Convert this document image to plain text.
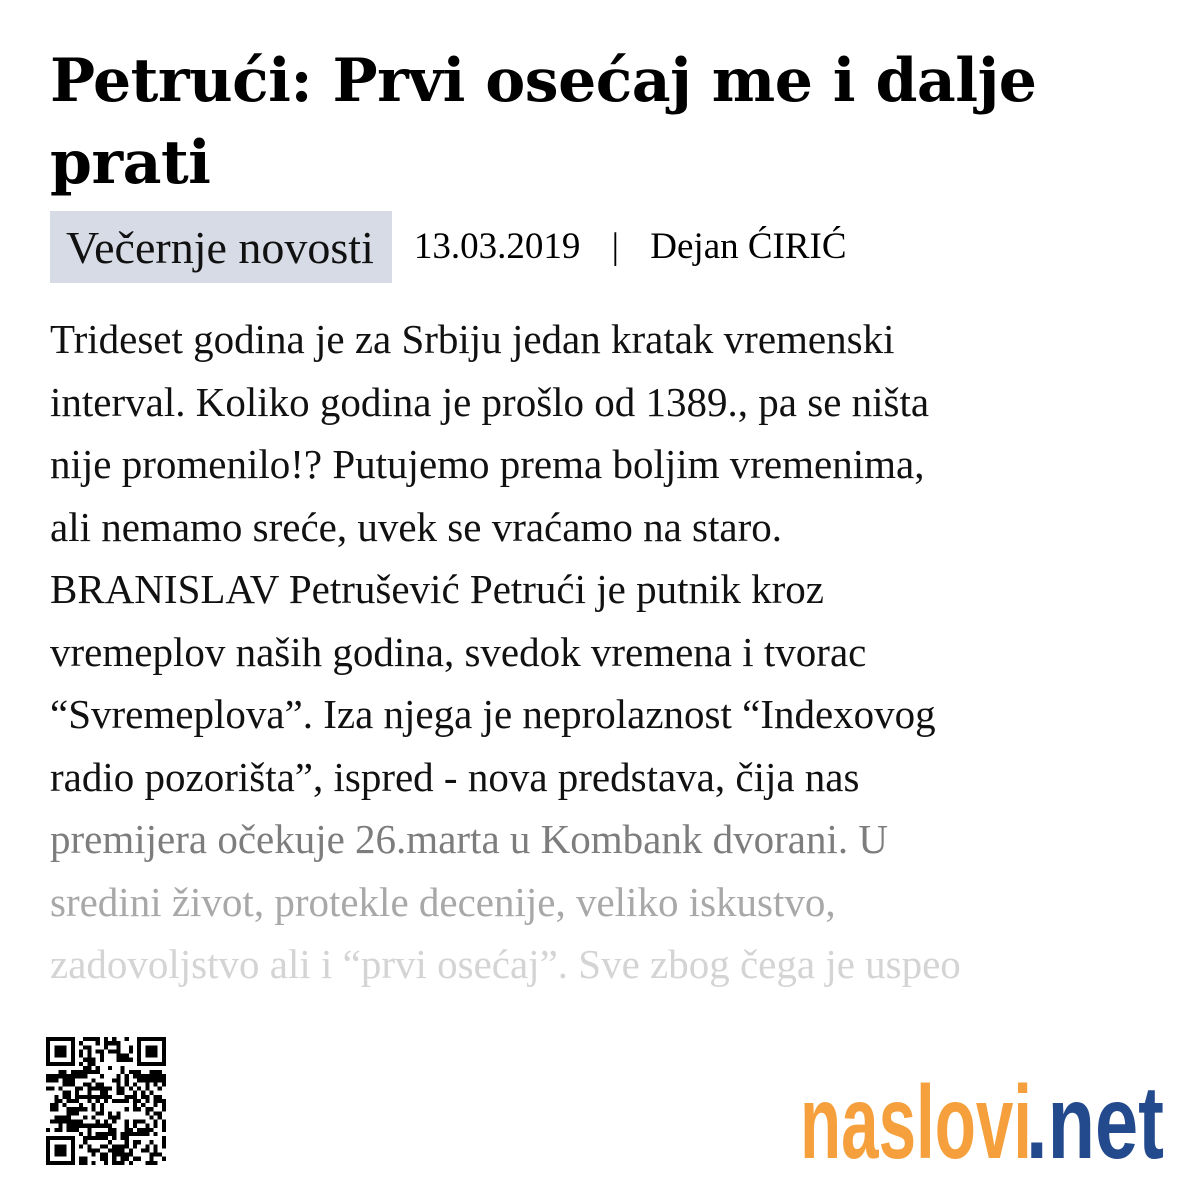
Petrući: Prvi osećaj me i dalje prati
Večernje novosti	13.03.2019 | Dejan ĆIRIĆ
Trideset godina je za Srbiju jedan kratak vremenski
interval. Koliko godina je prošlo od 1389., pa se ništa
nije promenilo!? Putujemo prema boljim vremenima,
ali nemamo sreće, uvek se vraćamo na staro.
BRANISLAV Petrušević Petrući je putnik kroz
vremeplov naših godina, svedok vremena i tvorac
“Svremeplova”. Iza njega je neprolaznost “Indexovog
radio pozorišta”, ispred - nova predstava, čija nas
premijera očekuje 26.marta u Kombank dvorani. U
sredini život, protekle decenije, veliko iskustvo,
zadovoljstvo ali i “prvi osećaj”. Sve zbog čega je uspeo
naslovi
.net
